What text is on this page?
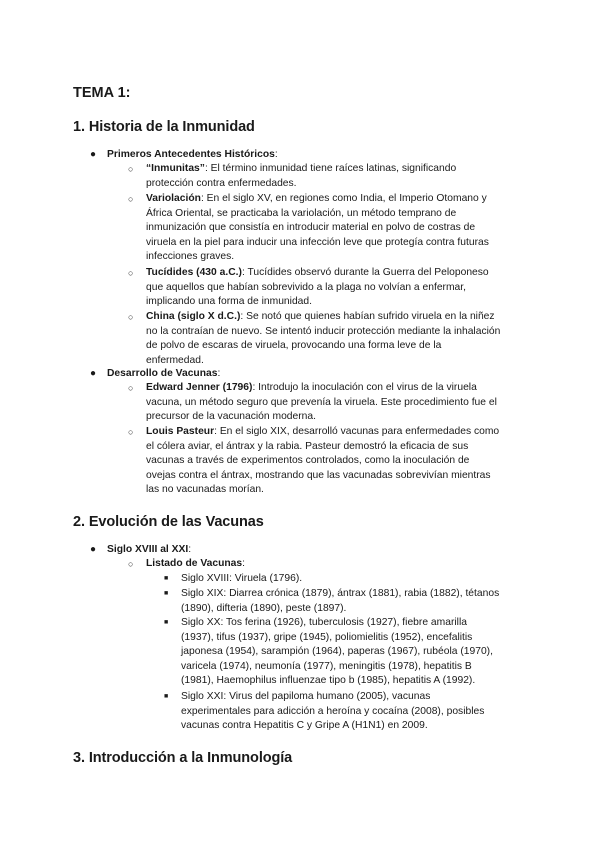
TEMA 1:
1. Historia de la Inmunidad
● Primeros Antecedentes Históricos:
○ “Inmunitas”: El término inmunidad tiene raíces latinas, significando
protección contra enfermedades.
○ Variolación: En el siglo XV, en regiones como India, el Imperio Otomano y
África Oriental, se practicaba la variolación, un método temprano de
inmunización que consistía en introducir material en polvo de costras de
viruela en la piel para inducir una infección leve que protegía contra futuras
infecciones graves.
○ Tucídides (430 a.C.): Tucídides observó durante la Guerra del Peloponeso
que aquellos que habían sobrevivido a la plaga no volvían a enfermar,
implicando una forma de inmunidad.
○ China (siglo X d.C.): Se notó que quienes habían sufrido viruela en la niñez
no la contraían de nuevo. Se intentó inducir protección mediante la inhalación
de polvo de escaras de viruela, provocando una forma leve de la
enfermedad.
● Desarrollo de Vacunas:
○ Edward Jenner (1796): Introdujo la inoculación con el virus de la viruela
vacuna, un método seguro que prevenía la viruela. Este procedimiento fue el
precursor de la vacunación moderna.
○ Louis Pasteur: En el siglo XIX, desarrolló vacunas para enfermedades como
el cólera aviar, el ántrax y la rabia. Pasteur demostró la eficacia de sus
vacunas a través de experimentos controlados, como la inoculación de
ovejas contra el ántrax, mostrando que las vacunadas sobrevivían mientras
las no vacunadas morían.
2. Evolución de las Vacunas
● Siglo XVIII al XXI:
○ Listado de Vacunas:
■ Siglo XVIII: Viruela (1796).
■ Siglo XIX: Diarrea crónica (1879), ántrax (1881), rabia (1882), tétanos
(1890), difteria (1890), peste (1897).
■ Siglo XX: Tos ferina (1926), tuberculosis (1927), fiebre amarilla
(1937), tifus (1937), gripe (1945), poliomielitis (1952), encefalitis
japonesa (1954), sarampión (1964), paperas (1967), rubéola (1970),
varicela (1974), neumonía (1977), meningitis (1978), hepatitis B
(1981), Haemophilus influenzae tipo b (1985), hepatitis A (1992).
■ Siglo XXI: Virus del papiloma humano (2005), vacunas
experimentales para adicción a heroína y cocaína (2008), posibles
vacunas contra Hepatitis C y Gripe A (H1N1) en 2009.
3. Introducción a la Inmunología
